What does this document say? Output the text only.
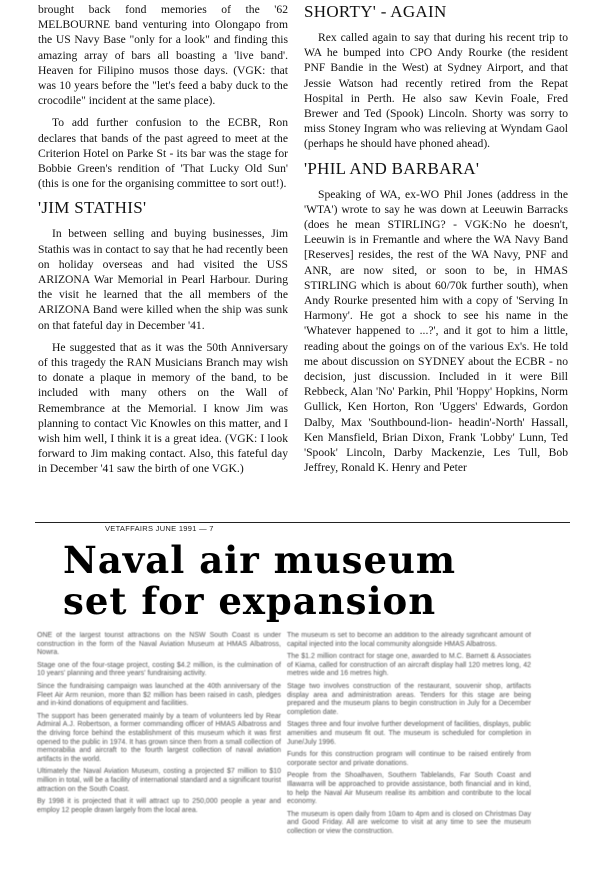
brought back fond memories of the '62 MELBOURNE band venturing into Olongapo from the US Navy Base "only for a look" and finding this amazing array of bars all boasting a 'live band'. Heaven for Filipino musos those days. (VGK: that was 10 years before the "let's feed a baby duck to the crocodile" incident at the same place).

To add further confusion to the ECBR, Ron declares that bands of the past agreed to meet at the Criterion Hotel on Parke St - its bar was the stage for Bobbie Green's rendition of 'That Lucky Old Sun' (this is one for the organising committee to sort out!).

'JIM STATHIS'

In between selling and buying businesses, Jim Stathis was in contact to say that he had recently been on holiday overseas and had visited the USS ARIZONA War Memorial in Pearl Harbour. During the visit he learned that the all members of the ARIZONA Band were killed when the ship was sunk on that fateful day in December '41.

He suggested that as it was the 50th Anniversary of this tragedy the RAN Musicians Branch may wish to donate a plaque in memory of the band, to be included with many others on the Wall of Remembrance at the Memorial. I know Jim was planning to contact Vic Knowles on this matter, and I wish him well, I think it is a great idea. (VGK: I look forward to Jim making contact. Also, this fateful day in December '41 saw the birth of one VGK.)

SHORTY' - AGAIN

Rex called again to say that during his recent trip to WA he bumped into CPO Andy Rourke (the resident PNF Bandie in the West) at Sydney Airport, and that Jessie Watson had recently retired from the Repat Hospital in Perth. He also saw Kevin Foale, Fred Brewer and Ted (Spook) Lincoln. Shorty was sorry to miss Stoney Ingram who was relieving at Wyndam Gaol (perhaps he should have phoned ahead).

'PHIL AND BARBARA'

Speaking of WA, ex-WO Phil Jones (address in the 'WTA') wrote to say he was down at Leeuwin Barracks (does he mean STIRLING? - VGK:No he doesn't, Leeuwin is in Fremantle and where the WA Navy Band [Reserves] resides, the rest of the WA Navy, PNF and ANR, are now sited, or soon to be, in HMAS STIRLING which is about 60/70k further south), when Andy Rourke presented him with a copy of 'Serving In Harmony'. He got a shock to see his name in the 'Whatever happened to ...?', and it got to him a little, reading about the goings on of the various Ex's. He told me about discussion on SYDNEY about the ECBR - no decision, just discussion. Included in it were Bill Rebbeck, Alan 'No' Parkin, Phil 'Hoppy' Hopkins, Norm Gullick, Ken Horton, Ron 'Uggers' Edwards, Gordon Dalby, Max 'Southbound-lion- headin'-North' Hassall, Ken Mansfield, Brian Dixon, Frank 'Lobby' Lunn, Ted 'Spook' Lincoln, Darby Mackenzie, Les Tull, Bob Jeffrey, Ronald K. Henry and Peter

VETAFFAIRS JUNE 1991 — 7
Naval air museum
set for expansion

ONE of the largest tourist attractions on the NSW South Coast is under construction in the form of the Naval Aviation Museum at HMAS Albatross, Nowra.

Stage one of the four-stage project, costing $4.2 million, is the culmination of 10 years' planning and three years' fundraising activity.

Since the fundraising campaign was launched at the 40th anniversary of the Fleet Air Arm reunion, more than $2 million has been raised in cash, pledges and in-kind donations of equipment and facilities.

The support has been generated mainly by a team of volunteers led by Rear Admiral A.J. Robertson, a former commanding officer of HMAS Albatross and the driving force behind the establishment of this museum which it was first opened to the public in 1974. It has grown since then from a small collection of memorabilia and aircraft to the fourth largest collection of naval aviation artifacts in the world.

Ultimately the Naval Aviation Museum, costing a projected $7 million to $10 million in total, will be a facility of international standard and a significant tourist attraction on the South Coast.

By 1998 it is projected that it will attract up to 250,000 people a year and employ 12 people drawn largely from the local area.

The museum is set to become an addition to the already significant amount of capital injected into the local community alongside HMAS Albatross.

The $1.2 million contract for stage one, awarded to M.C. Barnett & Associates of Kiama, called for construction of an aircraft display hall 120 metres long, 42 metres wide and 16 metres high.

Stage two involves construction of the restaurant, souvenir shop, artifacts display area and administration areas. Tenders for this stage are being prepared and the museum plans to begin construction in July for a December completion date.

Stages three and four involve further development of facilities, displays, public amenities and museum fit out. The museum is scheduled for completion in June/July 1996.

Funds for this construction program will continue to be raised entirely from corporate sector and private donations.

People from the Shoalhaven, Southern Tablelands, Far South Coast and Illawarra will be approached to provide assistance, both financial and in kind, to help the Naval Air Museum realise its ambition and contribute to the local economy.

The museum is open daily from 10am to 4pm and is closed on Christmas Day and Good Friday. All are welcome to visit at any time to see the museum collection or view the construction.
